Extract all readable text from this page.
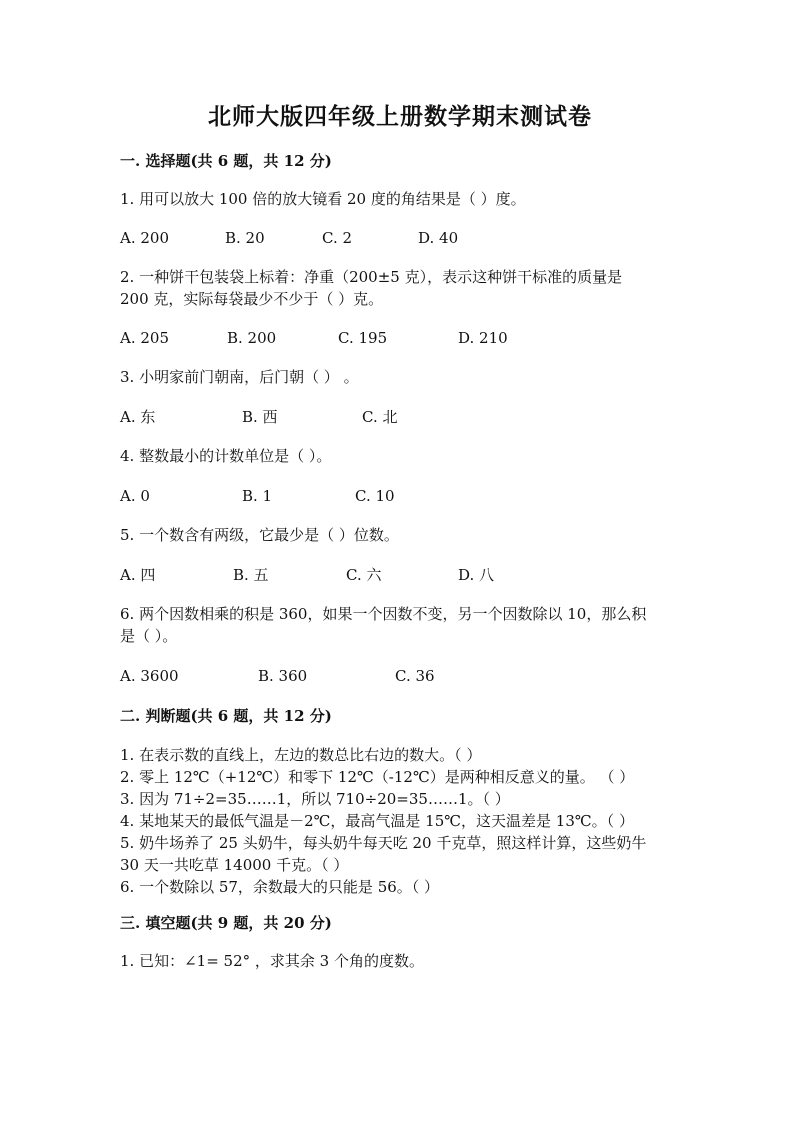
北师大版四年级上册数学期末测试卷
一. 选择题(共 6 题，共 12 分)
1. 用可以放大 100 倍的放大镜看 20 度的角结果是（ ）度。
A. 200	B. 20	C. 2	D. 40
2. 一种饼干包装袋上标着：净重（200±5 克），表示这种饼干标准的质量是
200 克，实际每袋最少不少于（ ）克。
A. 205	B. 200	C. 195	D. 210
3. 小明家前门朝南，后门朝（ ） 。
A. 东	B. 西	C. 北
4. 整数最小的计数单位是（ ）。
A. 0	B. 1	C. 10
5. 一个数含有两级，它最少是（ ）位数。
A. 四	B. 五	C. 六	D. 八
6. 两个因数相乘的积是 360，如果一个因数不变，另一个因数除以 10，那么积
是（ ）。
A. 3600	B. 360	C. 36
二. 判断题(共 6 题，共 12 分)
1. 在表示数的直线上，左边的数总比右边的数大。（ ）
2. 零上 12℃（+12℃）和零下 12℃（-12℃）是两种相反意义的量。 （ ）
3. 因为 71÷2=35……1，所以 710÷20=35……1。（ ）
4. 某地某天的最低气温是－2℃，最高气温是 15℃，这天温差是 13℃。（ ）
5. 奶牛场养了 25 头奶牛，每头奶牛每天吃 20 千克草，照这样计算，这些奶牛
30 天一共吃草 14000 千克。（ ）
6. 一个数除以 57，余数最大的只能是 56。（ ）
三. 填空题(共 9 题，共 20 分)
1. 已知：∠1= 52° ，求其余 3 个角的度数。
